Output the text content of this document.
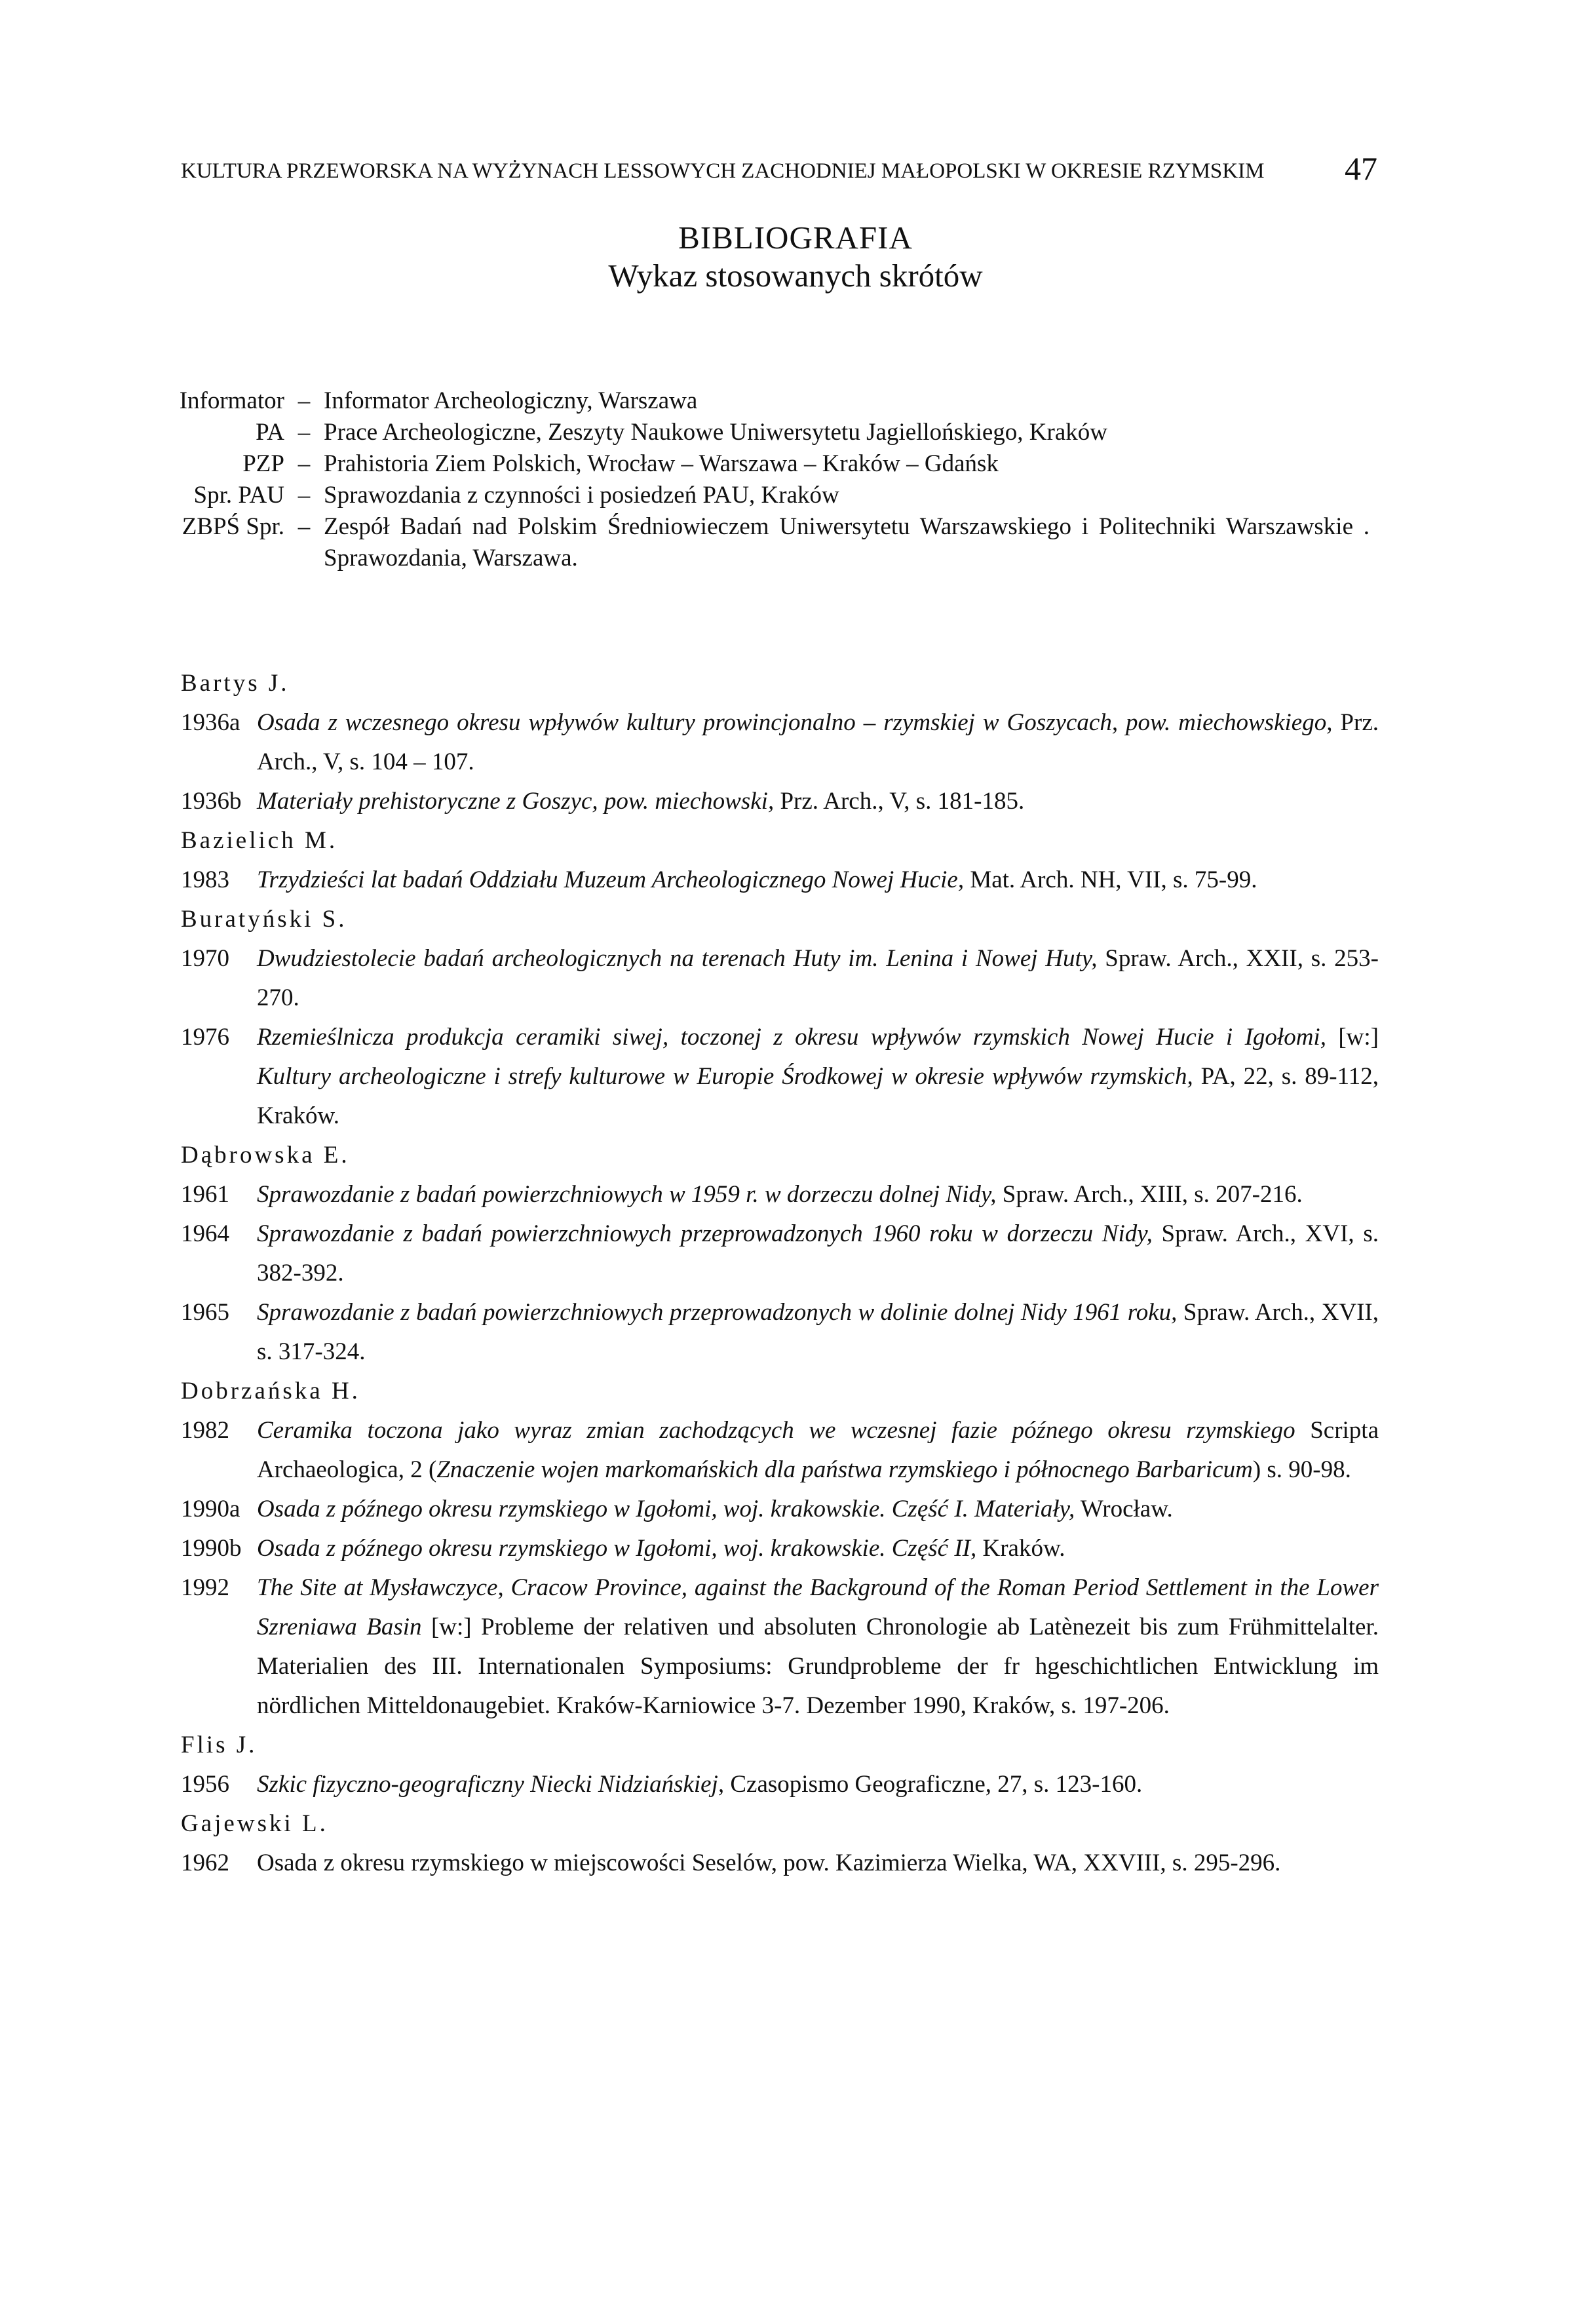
KULTURA PRZEWORSKA NA WYŻYNACH LESSOWYCH ZACHODNIEJ MAŁOPOLSKI W OKRESIE RZYMSKIM 47
BIBLIOGRAFIA
Wykaz stosowanych skrótów
Informator – Informator Archeologiczny, Warszawa
PA – Prace Archeologiczne, Zeszyty Naukowe Uniwersytetu Jagiellońskiego, Kraków
PZP – Prahistoria Ziem Polskich, Wrocław – Warszawa – Kraków – Gdańsk
Spr. PAU – Sprawozdania z czynności i posiedzeń PAU, Kraków
ZBPŚ Spr. – Zespół Badań nad Polskim Średniowieczem Uniwersytetu Warszawskiego i Politechniki Warszawskie . Sprawozdania, Warszawa.
Bartys J.
1936a Osada z wczesnego okresu wpływów kultury prowincjonalno – rzymskiej w Goszycach, pow. miechowskiego, Prz. Arch., V, s. 104 – 107.
1936b Materiały prehistoryczne z Goszyc, pow. miechowski, Prz. Arch., V, s. 181-185.
Bazielich M.
1983	Trzydzieści lat badań Oddziału Muzeum Archeologicznego Nowej Hucie, Mat. Arch. NH, VII, s. 75-99.
Buratyński S.
1970	Dwudziestolecie badań archeologicznych na terenach Huty im. Lenina i Nowej Huty, Spraw. Arch., XXII, s. 253-270.
1976	Rzemieślnicza produkcja ceramiki siwej, toczonej z okresu wpływów rzymskich Nowej Hucie i Igołomi, [w:] Kultury archeologiczne i strefy kulturowe w Europie Środkowej w okresie wpływów rzymskich, PA, 22, s. 89-112, Kraków.
Dąbrowska E.
1961	Sprawozdanie z badań powierzchniowych w 1959 r. w dorzeczu dolnej Nidy, Spraw. Arch., XIII, s. 207-216.
1964	Sprawozdanie z badań powierzchniowych przeprowadzonych 1960 roku w dorzeczu Nidy, Spraw. Arch., XVI, s. 382-392.
1965	Sprawozdanie z badań powierzchniowych przeprowadzonych w dolinie dolnej Nidy 1961 roku, Spraw. Arch., XVII, s. 317-324.
Dobrzańska H.
1982	Ceramika toczona jako wyraz zmian zachodzących we wczesnej fazie późnego okresu rzymskiego Scripta Archaeologica, 2 (Znaczenie wojen markomańskich dla państwa rzymskiego i północnego Barbaricum) s. 90-98.
1990a Osada z późnego okresu rzymskiego w Igołomi, woj. krakowskie. Część I. Materiały, Wrocław.
1990b Osada z późnego okresu rzymskiego w Igołomi, woj. krakowskie. Część II, Kraków.
1992	The Site at Mysławczyce, Cracow Province, against the Background of the Roman Period Settlement in the Lower Szreniawa Basin [w:] Probleme der relativen und absoluten Chronologie ab Latènezeit bis zum Frühmittelalter. Materialien des III. Internationalen Symposiums: Grundprobleme der fr hgeschichtlichen Entwicklung im nördlichen Mitteldonaugebiet. Kraków-Karniowice 3-7. Dezember 1990, Kraków, s. 197-206.
Flis J.
1956	Szkic fizyczno-geograficzny Niecki Nidziańskiej, Czasopismo Geograficzne, 27, s. 123-160.
Gajewski L.
1962	Osada z okresu rzymskiego w miejscowości Seselów, pow. Kazimierza Wielka, WA, XXVIII, s. 295-296.
